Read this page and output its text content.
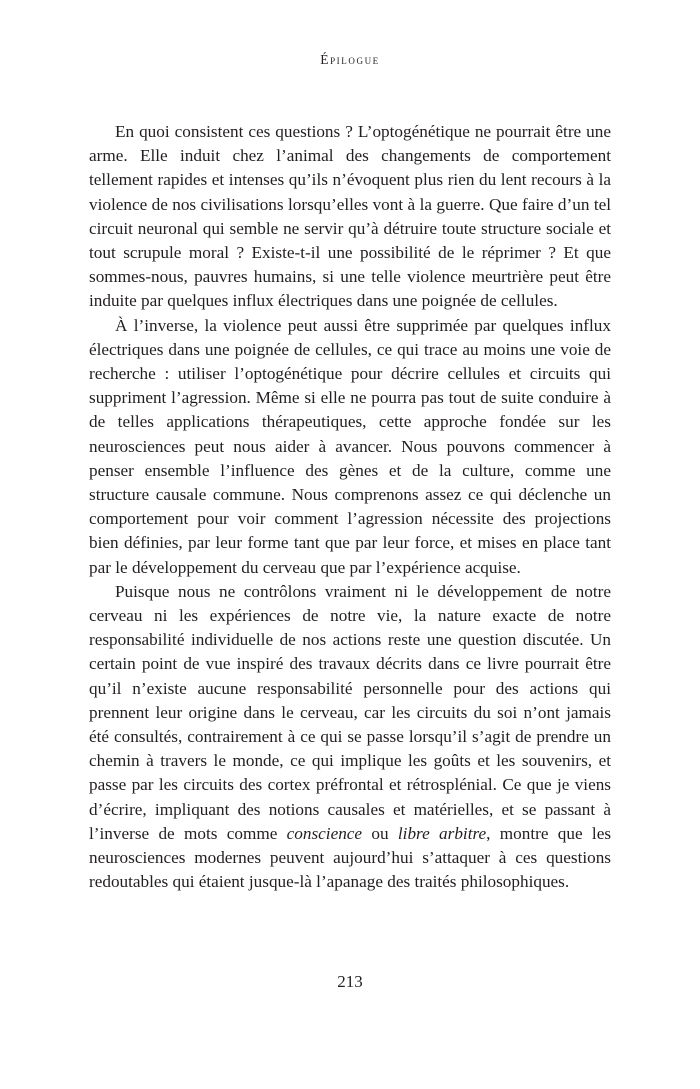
Épilogue

En quoi consistent ces questions ? L’optogénétique ne pourrait être une arme. Elle induit chez l’animal des changements de comportement tellement rapides et intenses qu’ils n’évoquent plus rien du lent recours à la violence de nos civilisations lorsqu’elles vont à la guerre. Que faire d’un tel circuit neuronal qui semble ne servir qu’à détruire toute structure sociale et tout scrupule moral ? Existe-t-il une possibilité de le réprimer ? Et que sommes-nous, pauvres humains, si une telle violence meurtrière peut être induite par quelques influx électriques dans une poignée de cellules.

À l’inverse, la violence peut aussi être supprimée par quelques influx électriques dans une poignée de cellules, ce qui trace au moins une voie de recherche : utiliser l’optogénétique pour décrire cellules et circuits qui suppriment l’agression. Même si elle ne pourra pas tout de suite conduire à de telles applications thérapeutiques, cette approche fondée sur les neurosciences peut nous aider à avancer. Nous pouvons commencer à penser ensemble l’influence des gènes et de la culture, comme une structure causale commune. Nous comprenons assez ce qui déclenche un comportement pour voir comment l’agression nécessite des projections bien définies, par leur forme tant que par leur force, et mises en place tant par le développement du cerveau que par l’expérience acquise.

Puisque nous ne contrôlons vraiment ni le développement de notre cerveau ni les expériences de notre vie, la nature exacte de notre responsabilité individuelle de nos actions reste une question discutée. Un certain point de vue inspiré des travaux décrits dans ce livre pourrait être qu’il n’existe aucune responsabilité personnelle pour des actions qui prennent leur origine dans le cerveau, car les circuits du soi n’ont jamais été consultés, contrairement à ce qui se passe lorsqu’il s’agit de prendre un chemin à travers le monde, ce qui implique les goûts et les souvenirs, et passe par les circuits des cortex préfrontal et rétrosplénial. Ce que je viens d’écrire, impliquant des notions causales et matérielles, et se passant à l’inverse de mots comme conscience ou libre arbitre, montre que les neurosciences modernes peuvent aujourd’hui s’attaquer à ces questions redoutables qui étaient jusque-là l’apanage des traités philosophiques.

213
